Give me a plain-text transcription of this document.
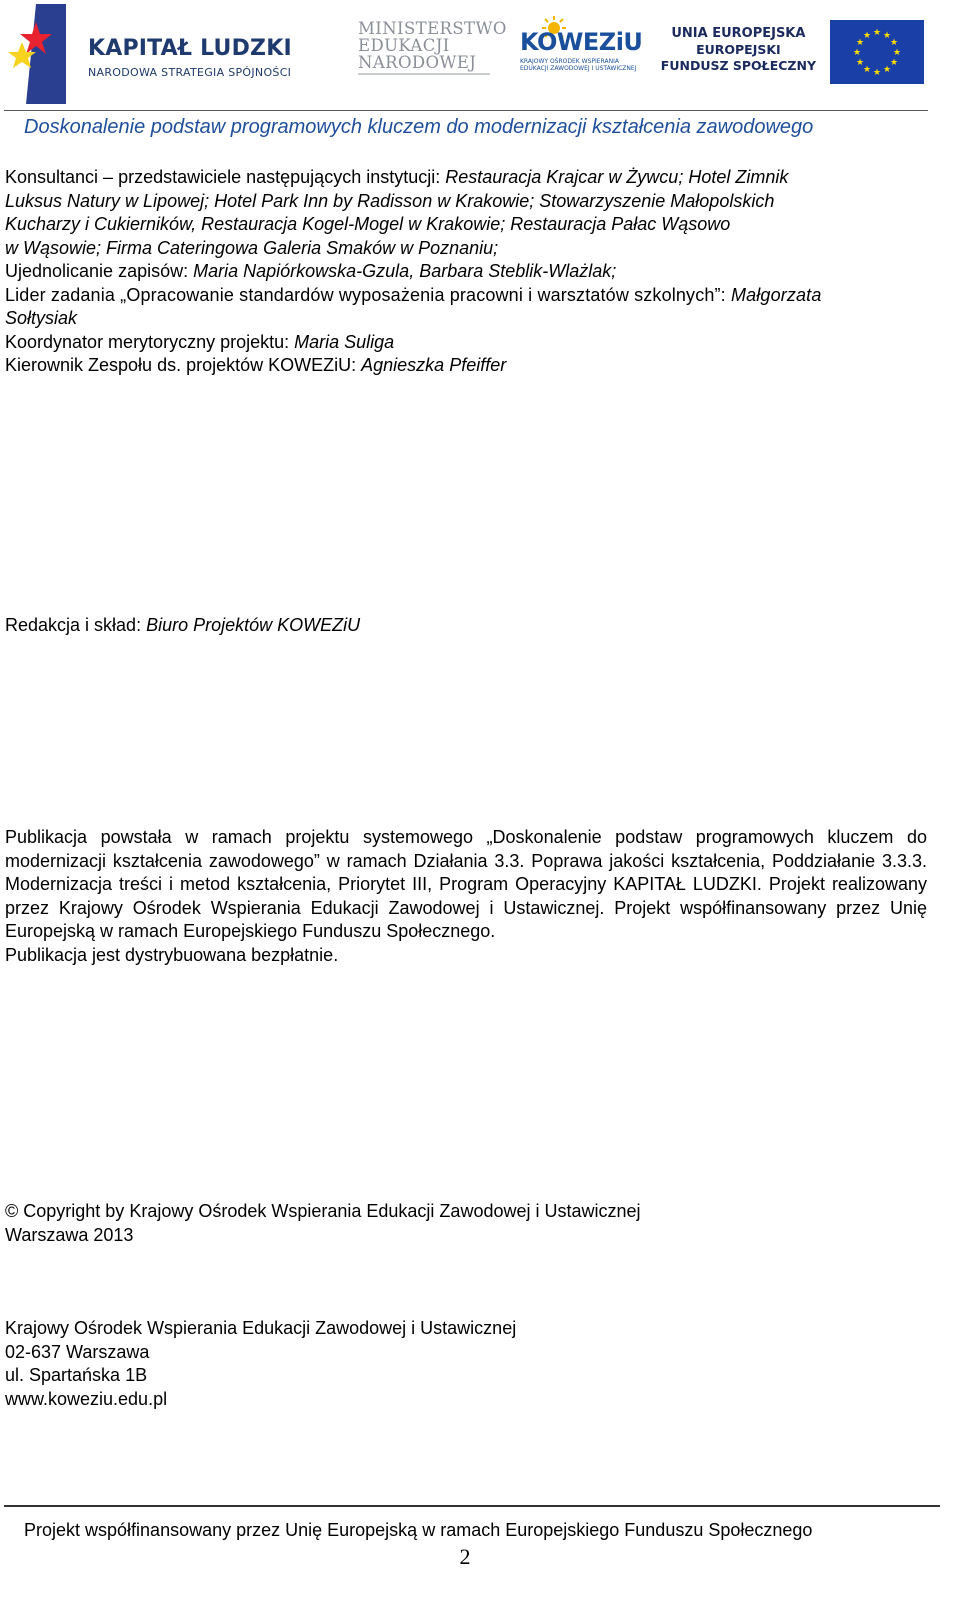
KAPITAŁ LUDZKI
NARODOWA STRATEGIA SPÓJNOŚCI
MINISTERSTWO
EDUKACJI
NARODOWEJ
KOWEZiU
KRAJOWY OŚRODEK WSPIERANIA
EDUKACJI ZAWODOWEJ I USTAWICZNEJ
UNIA EUROPEJSKA
EUROPEJSKI
FUNDUSZ SPOŁECZNY
★ ★
★
★
★
★
★
★
★
★
★
★
Doskonalenie podstaw programowych kluczem do modernizacji kształcenia zawodowego
Konsultanci – przedstawiciele następujących instytucji: Restauracja Krajcar w Żywcu; Hotel Zimnik
Luksus Natury w Lipowej; Hotel Park Inn by Radisson w Krakowie; Stowarzyszenie Małopolskich
Kucharzy i Cukierników, Restauracja Kogel-Mogel w Krakowie; Restauracja Pałac Wąsowo
w Wąsowie; Firma Cateringowa Galeria Smaków w Poznaniu;
Ujednolicanie zapisów: Maria Napiórkowska-Gzula, Barbara Steblik-Wlażlak;
Lider zadania „Opracowanie standardów wyposażenia pracowni i warsztatów szkolnych”: Małgorzata
Sołtysiak
Koordynator merytoryczny projektu: Maria Suliga
Kierownik Zespołu ds. projektów KOWEZiU: Agnieszka Pfeiffer
Redakcja i skład: Biuro Projektów KOWEZiU
Publikacja powstała w ramach projektu systemowego „Doskonalenie podstaw programowych kluczem do modernizacji kształcenia zawodowego” w ramach Działania 3.3. Poprawa jakości kształcenia, Poddziałanie 3.3.3. Modernizacja treści i metod kształcenia, Priorytet III, Program Operacyjny KAPITAŁ LUDZKI. Projekt realizowany przez Krajowy Ośrodek Wspierania Edukacji Zawodowej i Ustawicznej. Projekt współfinansowany przez Unię Europejską w ramach Europejskiego Funduszu Społecznego.
Publikacja jest dystrybuowana bezpłatnie.
© Copyright by Krajowy Ośrodek Wspierania Edukacji Zawodowej i Ustawicznej
Warszawa 2013
Krajowy Ośrodek Wspierania Edukacji Zawodowej i Ustawicznej
02-637 Warszawa
ul. Spartańska 1B
www.koweziu.edu.pl
Projekt współfinansowany przez Unię Europejską w ramach Europejskiego Funduszu Społecznego
2
